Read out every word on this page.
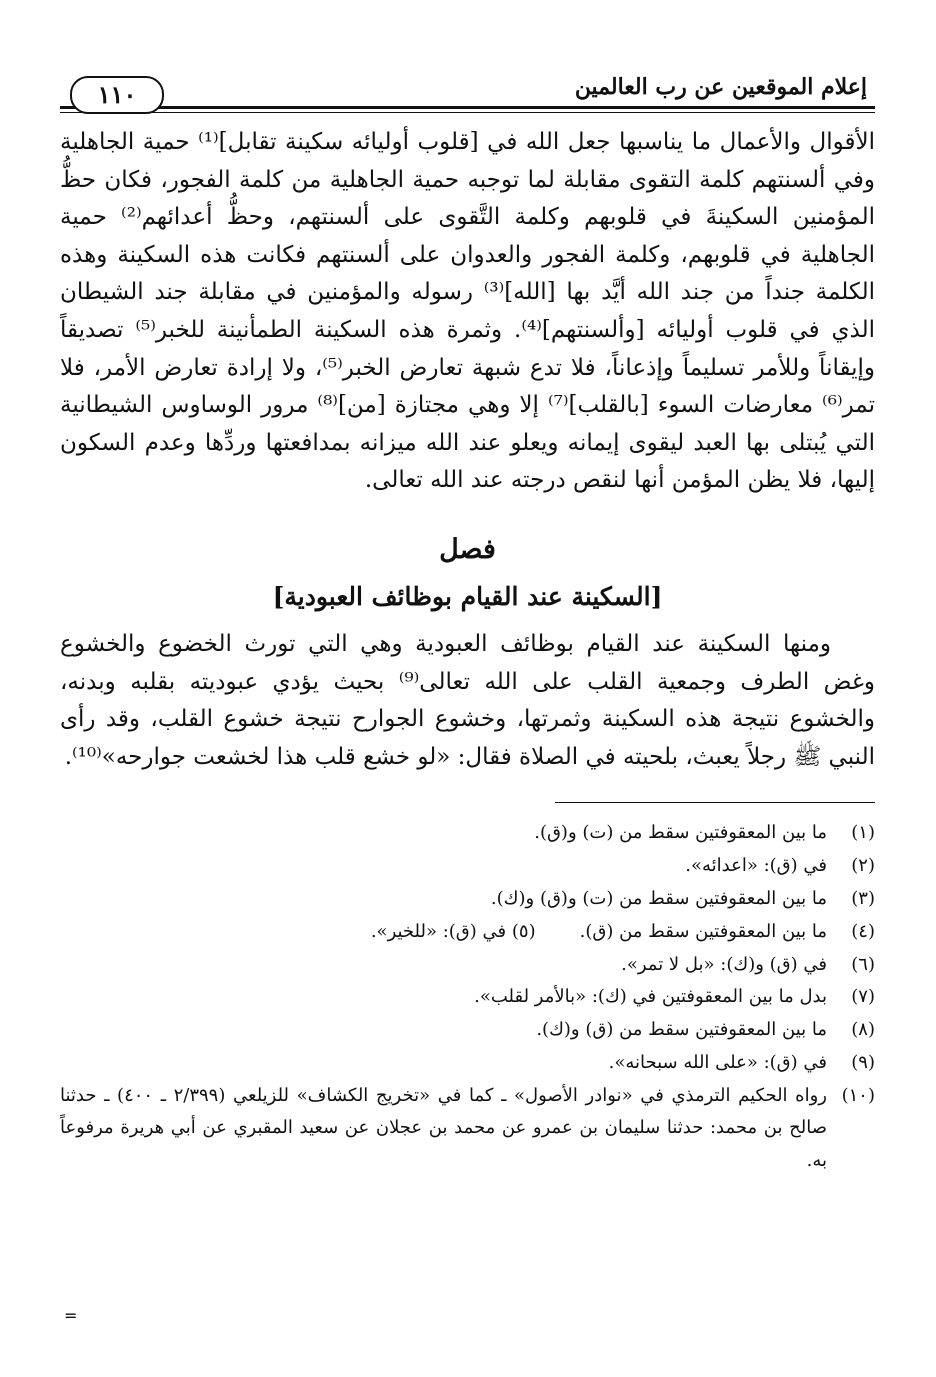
١١٠	إعلام الموقعين عن رب العالمين

الأقوال والأعمال ما يناسبها جعل الله في [قلوب أوليائه سكينة تقابل]⁽¹⁾ حمية الجاهلية وفي ألسنتهم كلمة التقوى مقابلة لما توجبه حمية الجاهلية من كلمة الفجور، فكان حظُّ المؤمنين السكينةَ في قلوبهم وكلمة التَّقوى على ألسنتهم، وحظُّ أعدائهم⁽²⁾ حمية الجاهلية في قلوبهم، وكلمة الفجور والعدوان على ألسنتهم فكانت هذه السكينة وهذه الكلمة جنداً من جند الله أيَّد بها [الله]⁽³⁾ رسوله والمؤمنين في مقابلة جند الشيطان الذي في قلوب أوليائه [وألسنتهم]⁽⁴⁾. وثمرة هذه السكينة الطمأنينة للخبر⁽⁵⁾ تصديقاً وإيقاناً وللأمر تسليماً وإذعاناً، فلا تدع شبهة تعارض الخبر⁽⁵⁾، ولا إرادة تعارض الأمر، فلا تمر⁽⁶⁾ معارضات السوء [بالقلب]⁽⁷⁾ إلا وهي مجتازة [من]⁽⁸⁾ مرور الوساوس الشيطانية التي يُبتلى بها العبد ليقوى إيمانه ويعلو عند الله ميزانه بمدافعتها وردِّها وعدم السكون إليها، فلا يظن المؤمن أنها لنقص درجته عند الله تعالى.

فصل
[السكينة عند القيام بوظائف العبودية]

ومنها السكينة عند القيام بوظائف العبودية وهي التي تورث الخضوع والخشوع وغض الطرف وجمعية القلب على الله تعالى⁽⁹⁾ بحيث يؤدي عبوديته بقلبه وبدنه، والخشوع نتيجة هذه السكينة وثمرتها، وخشوع الجوارح نتيجة خشوع القلب، وقد رأى النبي ﷺ رجلاً يعبث، بلحيته في الصلاة فقال: «لو خشع قلب هذا لخشعت جوارحه»⁽¹⁰⁾.

(١)
ما بين المعقوفتين سقط من (ت) و(ق).
(٢)
في (ق): «اعدائه».
(٣)
ما بين المعقوفتين سقط من (ت) و(ق) و(ك).
(٤)
ما بين المعقوفتين سقط من (ق).(٥) في (ق): «للخير».
(٦)
في (ق) و(ك): «بل لا تمر».
(٧)
بدل ما بين المعقوفتين في (ك): «بالأمر لقلب».
(٨)
ما بين المعقوفتين سقط من (ق) و(ك).
(٩)
في (ق): «على الله سبحانه».
(١٠)
رواه الحكيم الترمذي في «نوادر الأصول» ـ كما في «تخريج الكشاف» للزيلعي (٢/٣٩٩ ـ ٤٠٠) ـ حدثنا صالح بن محمد: حدثنا سليمان بن عمرو عن محمد بن عجلان عن سعيد المقبري عن أبي هريرة مرفوعاً به.
=
